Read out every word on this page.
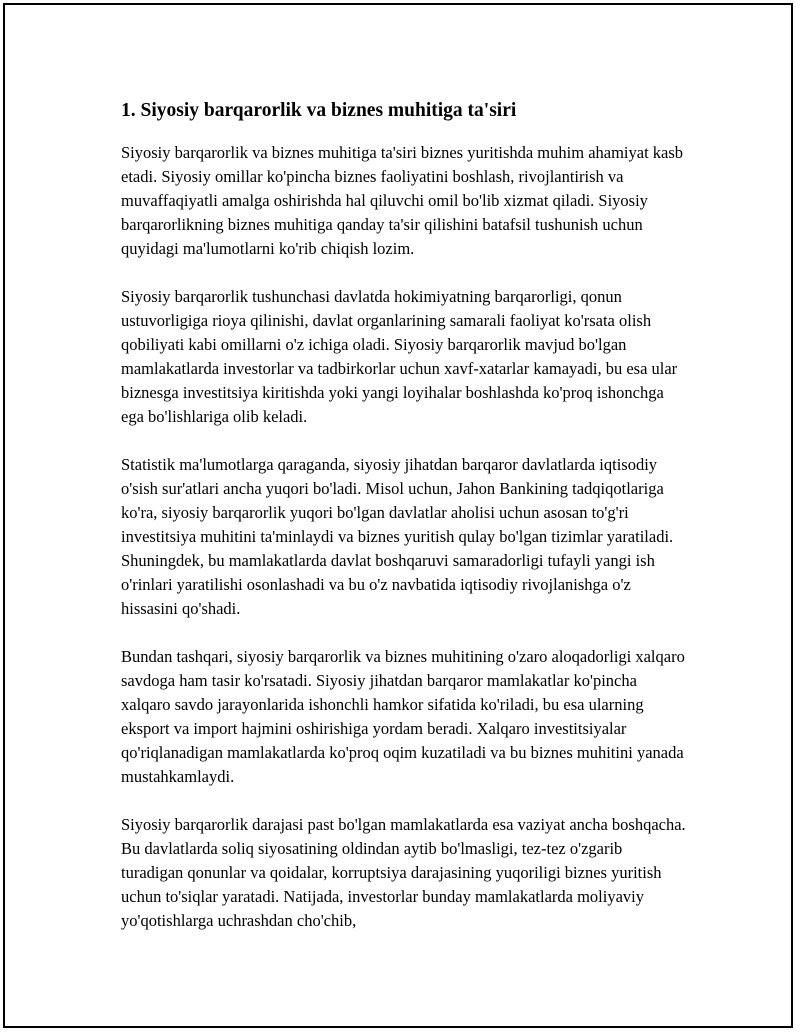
1. Siyosiy barqarorlik va biznes muhitiga ta'siri

Siyosiy barqarorlik va biznes muhitiga ta'siri biznes yuritishda muhim ahamiyat kasb etadi. Siyosiy omillar ko'pincha biznes faoliyatini boshlash, rivojlantirish va muvaffaqiyatli amalga oshirishda hal qiluvchi omil bo'lib xizmat qiladi. Siyosiy barqarorlikning biznes muhitiga qanday ta'sir qilishini batafsil tushunish uchun quyidagi ma'lumotlarni ko'rib chiqish lozim.

Siyosiy barqarorlik tushunchasi davlatda hokimiyatning barqarorligi, qonun ustuvorligiga rioya qilinishi, davlat organlarining samarali faoliyat ko'rsata olish qobiliyati kabi omillarni o'z ichiga oladi. Siyosiy barqarorlik mavjud bo'lgan mamlakatlarda investorlar va tadbirkorlar uchun xavf-xatarlar kamayadi, bu esa ular biznesga investitsiya kiritishda yoki yangi loyihalar boshlashda ko'proq ishonchga ega bo'lishlariga olib keladi.

Statistik ma'lumotlarga qaraganda, siyosiy jihatdan barqaror davlatlarda iqtisodiy o'sish sur'atlari ancha yuqori bo'ladi. Misol uchun, Jahon Bankining tadqiqotlariga ko'ra, siyosiy barqarorlik yuqori bo'lgan davlatlar aholisi uchun asosan to'g'ri investitsiya muhitini ta'minlaydi va biznes yuritish qulay bo'lgan tizimlar yaratiladi. Shuningdek, bu mamlakatlarda davlat boshqaruvi samaradorligi tufayli yangi ish o'rinlari yaratilishi osonlashadi va bu o'z navbatida iqtisodiy rivojlanishga o'z hissasini qo'shadi.

Bundan tashqari, siyosiy barqarorlik va biznes muhitining o'zaro aloqadorligi xalqaro savdoga ham tasir ko'rsatadi. Siyosiy jihatdan barqaror mamlakatlar ko'pincha xalqaro savdo jarayonlarida ishonchli hamkor sifatida ko'riladi, bu esa ularning eksport va import hajmini oshirishiga yordam beradi. Xalqaro investitsiyalar qo'riqlanadigan mamlakatlarda ko'proq oqim kuzatiladi va bu biznes muhitini yanada mustahkamlaydi.

Siyosiy barqarorlik darajasi past bo'lgan mamlakatlarda esa vaziyat ancha boshqacha. Bu davlatlarda soliq siyosatining oldindan aytib bo'lmasligi, tez-tez o'zgarib turadigan qonunlar va qoidalar, korruptsiya darajasining yuqoriligi biznes yuritish uchun to'siqlar yaratadi. Natijada, investorlar bunday mamlakatlarda moliyaviy yo'qotishlarga uchrashdan cho'chib,
